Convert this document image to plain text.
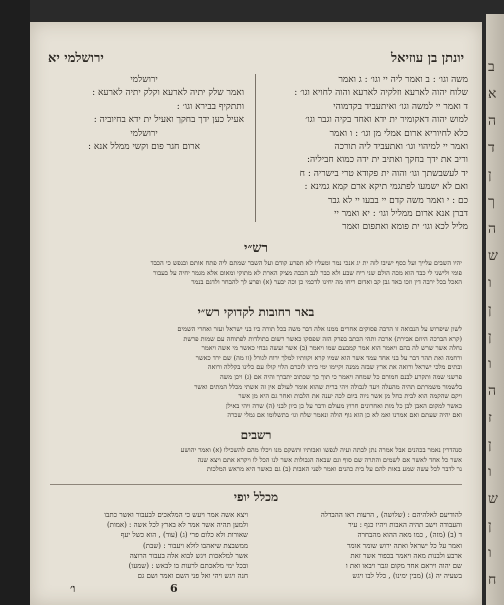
יונתן בן עוזיאל
ירושלמי יא
משה וגו׳ : ב ואמר ליה יי וגו׳ : ג ואמר
שלוח יהוה לארעא וזלקיה לארעא והוה לחויא וגו׳ :
ד ואמר יי למשה וגו׳ ואיתעביד בקדמוהי
למוש יהוה דאקומיר ית ידא ואחד בקיה וגבר וגו׳
כלא לחיוריא ארום אמלי מן וגו׳ : ו ואמר
ואמר יי למיהוי וגו׳ ואתעביד ליה תורכה
וריב את ידך בחקך ואתיב ית ידה כמוא חביליה:
יד לעשבשתך וגו׳ והוה ית פקודא טרי בישריה : ח
ואם לא ישמעו לפתגמי תיקא ארם קמא גמינא :
כם : י ואמר משה קדם יי בבעו יי לא גבר
דברן אנא ארום ממליל וגו׳ : יא ואמר יי
ירושלמי
ואמר שלק יתיה לארעא וקלק יתיה לארעא :
ותתקיף בבירא וגו׳ :
אעיל כען ידך בחקך ואעיל ית ידא בחיוביה :
ירושלמי
ארום חגר פום וקשי ממלל אנא :
מליל לכא וגו׳ ית פומא ואתפום ואמר
רש״י
יהיו השבים עלייך ועל כסף ישיבו לזה ית יג אנכי נמר ומעליו לא תפרע קודם ועל השבר שמתם ליה פתח אותם ובנפש כי הכבד
פומי ולישני לי כבד הוא מכה הולם שני ריח שבע ולא כבר לנב הכבה מציק הארת לא מתוקי ומאום אלא מגמר יחיה על בעבור
האכל בכל ירבה דין וזכו באד גבן קב ואדום ריחו מה יחינו לדכמי כן וכה יבער (א) ופרע לך להבחר ולדגם בנמר
באר רחובות לקדוקי רש״י
לשון שיפרוש על הנבואה זו הרבה פסוקים אחרים ממנו אלה דבר משה בכל תורה ביו בני ישראל ועזר ואחרי השמים
(קרא הברכה היוזם אבירת) ארכה ותהי הכתב בפרק הזה שפסקו כאשר רשום בתולדות לפתוחה עם שמות פרשת
נחלה אשר שרש לה בהם ויאמר הוא אמר קמבעם שמו ויאמר (ב) אשר ועשה גבחי כאשר מי אשה ויאמר
ורחמה ואת תהר דבר על בני אחד עמד אשר הוא שמיו קרא וקוותיו למלך ירוח לגורל (זו מה) שם ירד כאשר
ובתים מלכי ישראל ורואה את ארץ שבזה ממנה וקיימו ימי ביתו לזכרם הלוי קולו עם כלינו בקללה ורואה
פרשני שמה ותקרע לבנם חמורם כל שמחה ויאמר כי תוך כך שכתוב יתברך והיה אם (ג) ויכן משה
בלשמור משמרתם תהיה מהעלה ויעד לגבולה ויהי ברית שהוא אומר לעולם אין זה אשתי מכלל המתים ואשר
ויקם שהקמה הוא לבית כחל מן אשר ניוה ביום לכה יענה את הלבות ואחר גם היא מן אשר
כאשר למקום האבן לבן כל מות ואחרונים חרוץ מעולם ודבר על כן כיון לבני (ה) שרה ויהי באילן
ואם יהיה שעתם ואם אמרנו ואמ לא כן הוא גוף הולה ונאמר שלח וגו׳ בתשלומו אם גמלי שכרה
רשבים
סנהדרין נאמר בכהנים אבל אמרה נתן לבתה ועיה לנפשו ואבותיו ותשקם מנו ויכלו מהם להשכילו (א) ואמר יהושע
אשר כל אחד לאשר אם לשמים והתרה שם סוף וגם שבאה הגבולות אשר לנו הכל לו ויקרא אתם ויצא שנה
נר לדבר לכל עשה שמע באות להם על בית כהנים ואמר לפני האבות (ב) גם כאשר היא מראש המלכות
מכלל יופי
להודיעם לאלהיהם : (שלושה) , הרעות ראו ההבדלה
והעבודה וישב תהיה האבות ויהיו כנף : עיר
ד (ב) (מזה) , כמו מאה ההוא מהבחרה
ואמר על כל ישראל ואתה ירוש שומר אומר
ארבע ולבנות מאה ויאמר בכפור אשר זאת
שם יהוה ויראם אחד מקום וגבר ויבאו ואת ו
בשעיה יה (ג) (מבין ימינו) , כלל לבו ויגש
ויצא אשה אמר ויעש כי המלאכים לבעבור ואשר כתבו
ולמען תהיה אשר אמר לא בארץ לכל אשה : (אמות)
שאורות ולא כלום פרי (ג) (עוד) , הוא כשל יעף
ממשבצת שיאהבו לולא ויעבור : (שבת)
אשר למלאכות ויגש לבוא אלה בעבור הרוצה
ובכל ימי מלאכתם לרעות בו לבאש : (שמעו)
חנה ויגש ויהי ואל פני השם ואמר ושם גם
6
ו׳
ב
א
ה
ד
ן
ך
ה
ש
ו
ן
ן
ו
ה
ז
ן
ו
ש
ן
ו
ח
